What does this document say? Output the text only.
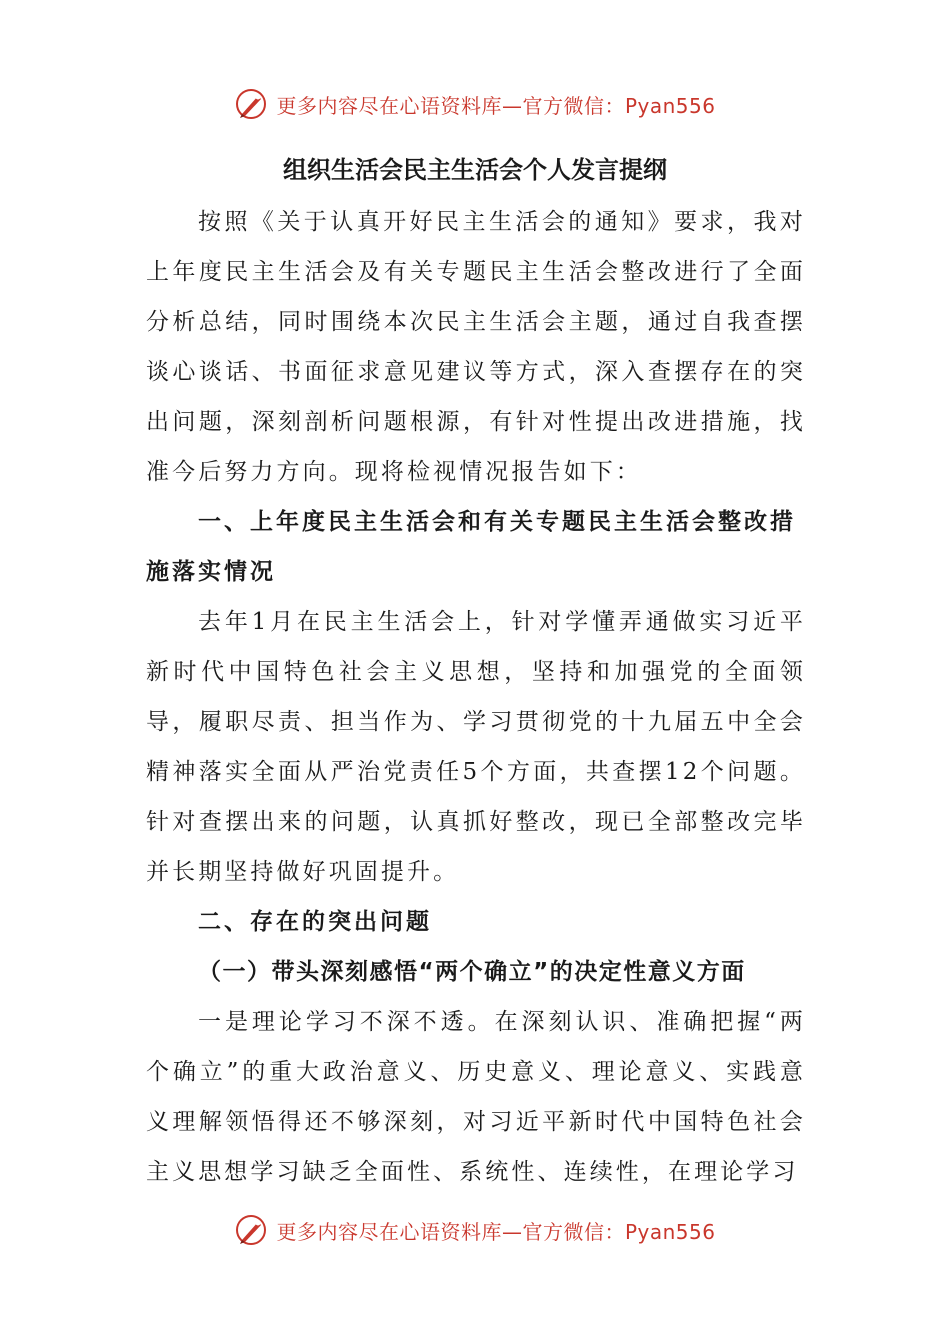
更多内容尽在心语资料库—官方微信：Pyan556
组织生活会民主生活会个人发言提纲

按照《关于认真开好民主生活会的通知》要求，我对上年度民主生活会及有关专题民主生活会整改进行了全面分析总结，同时围绕本次民主生活会主题，通过自我查摆谈心谈话、书面征求意见建议等方式，深入查摆存在的突出问题，深刻剖析问题根源，有针对性提出改进措施，找准今后努力方向。现将检视情况报告如下：

一、上年度民主生活会和有关专题民主生活会整改措施落实情况

去年1月在民主生活会上，针对学懂弄通做实习近平新时代中国特色社会主义思想，坚持和加强党的全面领导，履职尽责、担当作为、学习贯彻党的十九届五中全会精神落实全面从严治党责任5个方面，共查摆12个问题。针对查摆出来的问题，认真抓好整改，现已全部整改完毕并长期坚持做好巩固提升。

二、存在的突出问题

（一）带头深刻感悟“两个确立”的决定性意义方面

一是理论学习不深不透。在深刻认识、准确把握“两个确立”的重大政治意义、历史意义、理论意义、实践意义理解领悟得还不够深刻，对习近平新时代中国特色社会主义思想学习缺乏全面性、系统性、连续性，在理论学习

更多内容尽在心语资料库—官方微信：Pyan556
